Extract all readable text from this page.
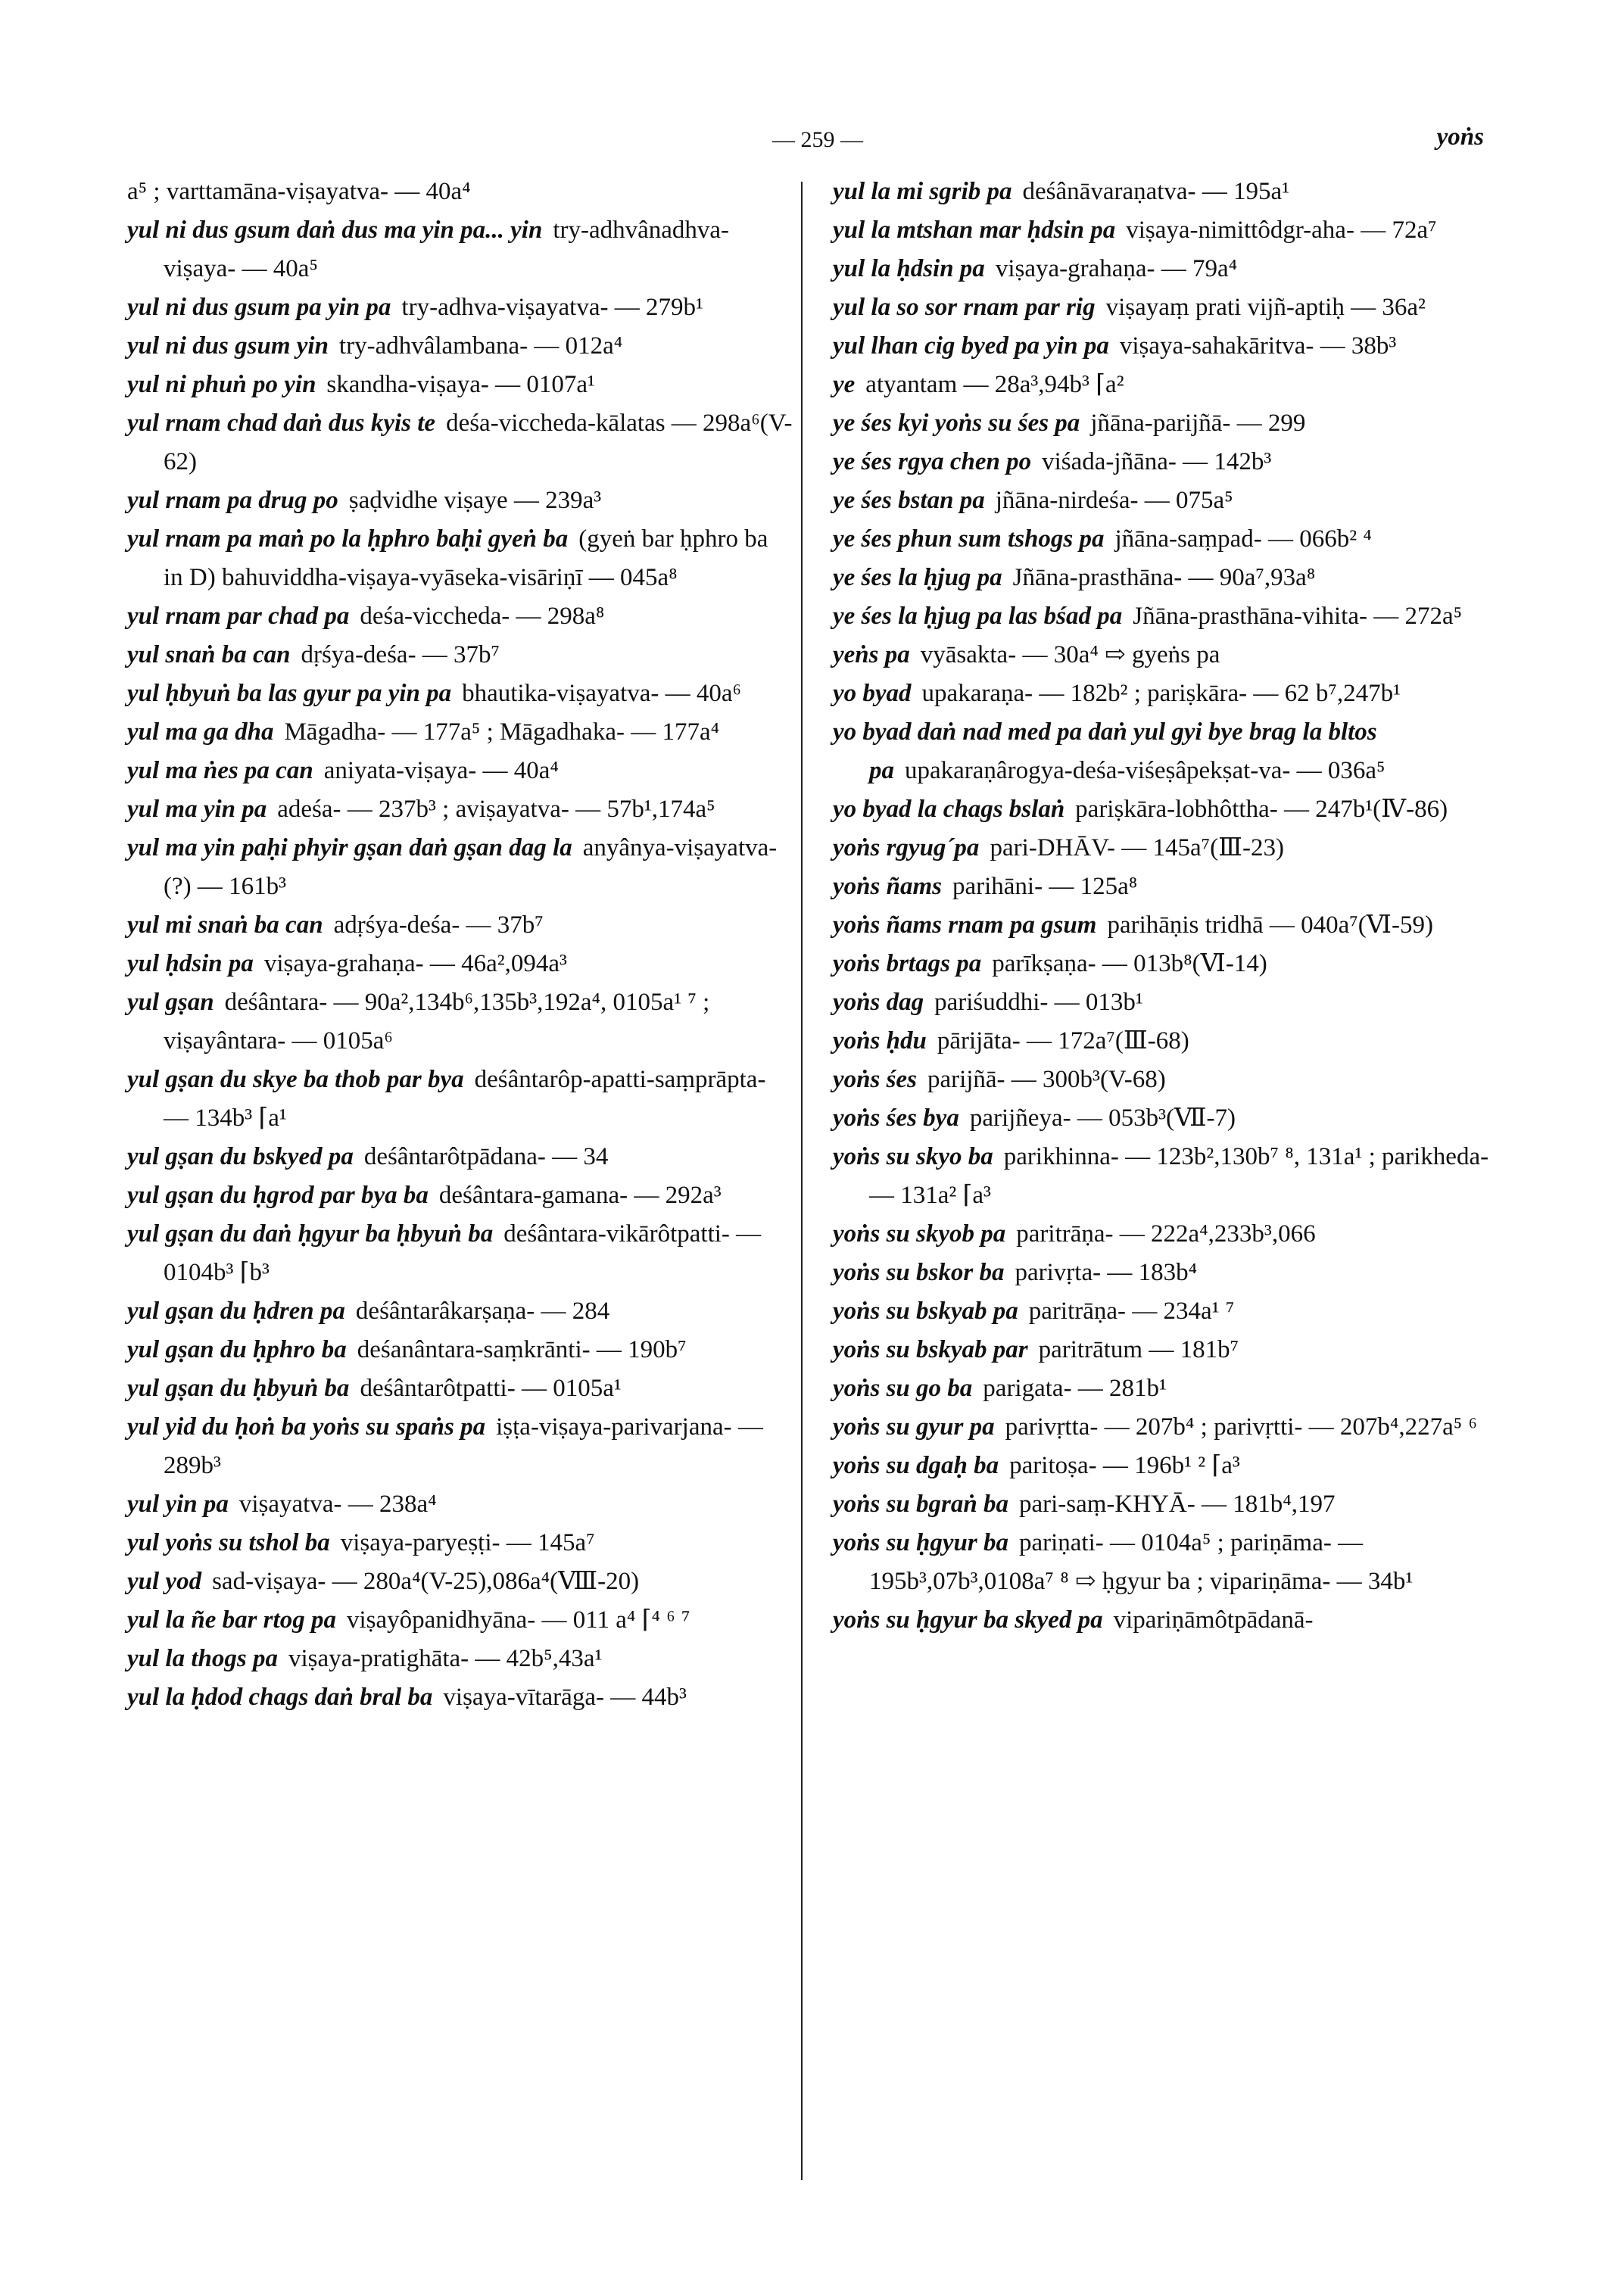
— 259 —	yoṅs
a⁵ ; varttamāna-viṣayatva- — 40a⁴
yul ni dus gsum daṅ dus ma yin pa... yin try-adhvânadhva-viṣaya- — 40a⁵
yul ni dus gsum pa yin pa try-adhva-viṣayatva- — 279b¹
yul ni dus gsum yin try-adhvâlambana- — 012a⁴
yul ni phuṅ po yin skandha-viṣaya- — 0107a¹
yul rnam chad daṅ dus kyis te deśa-viccheda-kālatas — 298a⁶(V-62)
yul rnam pa drug po ṣaḍvidhe viṣaye — 239a³
yul rnam pa maṅ po la ḥphro baḥi gyeṅ ba (gyeṅ bar ḥphro ba in D) bahuviddha-viṣaya-vyāseka-visāriṇī — 045a⁸
yul rnam par chad pa deśa-viccheda- — 298a⁸
yul snaṅ ba can dṛśya-deśa- — 37b⁷
yul ḥbyuṅ ba las gyur pa yin pa bhautika-viṣayatva- — 40a⁶
yul ma ga dha Māgadha- — 177a⁵ ; Māgadhaka- — 177a⁴
yul ma ṅes pa can aniyata-viṣaya- — 40a⁴
yul ma yin pa adeśa- — 237b³ ; aviṣayatva- — 57b¹,174a⁵
yul ma yin paḥi phyir gṣan daṅ gṣan dag la anyânya-viṣayatva-(?) — 161b³
yul mi snaṅ ba can adṛśya-deśa- — 37b⁷
yul ḥdsin pa viṣaya-grahaṇa- — 46a²,094a³
yul gṣan deśântara- — 90a²,134b⁶,135b³,192a⁴, 0105a¹ ⁷ ; viṣayântara- — 0105a⁶
yul gṣan du skye ba thob par bya deśântarôp-apatti-saṃprāpta- — 134b³ ⌈a¹
yul gṣan du bskyed pa deśântarôtpādana- — 34
yul gṣan du ḥgrod par bya ba deśântara-gamana- — 292a³
yul gṣan du daṅ ḥgyur ba ḥbyuṅ ba deśântara-vikārôtpatti- — 0104b³ ⌈b³
yul gṣan du ḥdren pa deśântarâkarṣaṇa- — 284
yul gṣan du ḥphro ba deśanântara-saṃkrānti- — 190b⁷
yul gṣan du ḥbyuṅ ba deśântarôtpatti- — 0105a¹
yul yid du ḥoṅ ba yoṅs su spaṅs pa iṣṭa-viṣaya-parivarjana- — 289b³
yul yin pa viṣayatva- — 238a⁴
yul yoṅs su tshol ba viṣaya-paryeṣṭi- — 145a⁷
yul yod sad-viṣaya- — 280a⁴(V-25),086a⁴(Ⅷ-20)
yul la ñe bar rtog pa viṣayôpanidhyāna- — 011 a⁴ ⌈⁴ ⁶ ⁷
yul la thogs pa viṣaya-pratighāta- — 42b⁵,43a¹
yul la ḥdod chags daṅ bral ba viṣaya-vītarāga- — 44b³
yul la mi sgrib pa deśânāvaraṇatva- — 195a¹
yul la mtshan mar ḥdsin pa viṣaya-nimittôdgr-aha- — 72a⁷
yul la ḥdsin pa viṣaya-grahaṇa- — 79a⁴
yul la so sor rnam par rig viṣayaṃ prati vijñ-aptiḥ — 36a²
yul lhan cig byed pa yin pa viṣaya-sahakāritva- — 38b³
ye atyantam — 28a³,94b³ ⌈a²
ye śes kyi yoṅs su śes pa jñāna-parijñā- — 299
ye śes rgya chen po viśada-jñāna- — 142b³
ye śes bstan pa jñāna-nirdeśa- — 075a⁵
ye śes phun sum tshogs pa jñāna-saṃpad- — 066b² ⁴
ye śes la ḥjug pa Jñāna-prasthāna- — 90a⁷,93a⁸
ye śes la ḥjug pa las bśad pa Jñāna-prasthāna-vihita- — 272a⁵
yeṅs pa vyāsakta- — 30a⁴ ⇨ gyeṅs pa
yo byad upakaraṇa- — 182b² ; pariṣkāra- — 62 b⁷,247b¹
yo byad daṅ nad med pa daṅ yul gyi bye brag la bltos pa upakaraṇârogya-deśa-viśeṣâpekṣat-va- — 036a⁵
yo byad la chags bslaṅ pariṣkāra-lobhôttha- — 247b¹(Ⅳ-86)
yoṅs rgyug´pa pari-DHĀV- — 145a⁷(Ⅲ-23)
yoṅs ñams parihāni- — 125a⁸
yoṅs ñams rnam pa gsum parihāṇis tridhā — 040a⁷(Ⅵ-59)
yoṅs brtags pa parīkṣaṇa- — 013b⁸(Ⅵ-14)
yoṅs dag pariśuddhi- — 013b¹
yoṅs ḥdu pārijāta- — 172a⁷(Ⅲ-68)
yoṅs śes parijñā- — 300b³(V-68)
yoṅs śes bya parijñeya- — 053b³(Ⅶ-7)
yoṅs su skyo ba parikhinna- — 123b²,130b⁷ ⁸, 131a¹ ; parikheda- — 131a² ⌈a³
yoṅs su skyob pa paritrāṇa- — 222a⁴,233b³,066
yoṅs su bskor ba parivṛta- — 183b⁴
yoṅs su bskyab pa paritrāṇa- — 234a¹ ⁷
yoṅs su bskyab par paritrātum — 181b⁷
yoṅs su go ba parigata- — 281b¹
yoṅs su gyur pa parivṛtta- — 207b⁴ ; parivṛtti- — 207b⁴,227a⁵ ⁶
yoṅs su dgaḥ ba paritoṣa- — 196b¹ ² ⌈a³
yoṅs su bgraṅ ba pari-saṃ-KHYĀ- — 181b⁴,197
yoṅs su ḥgyur ba pariṇati- — 0104a⁵ ; pariṇāma- — 195b³,07b³,0108a⁷ ⁸ ⇨ ḥgyur ba ; vipariṇāma- — 34b¹
yoṅs su ḥgyur ba skyed pa vipariṇāmôtpādanā-
